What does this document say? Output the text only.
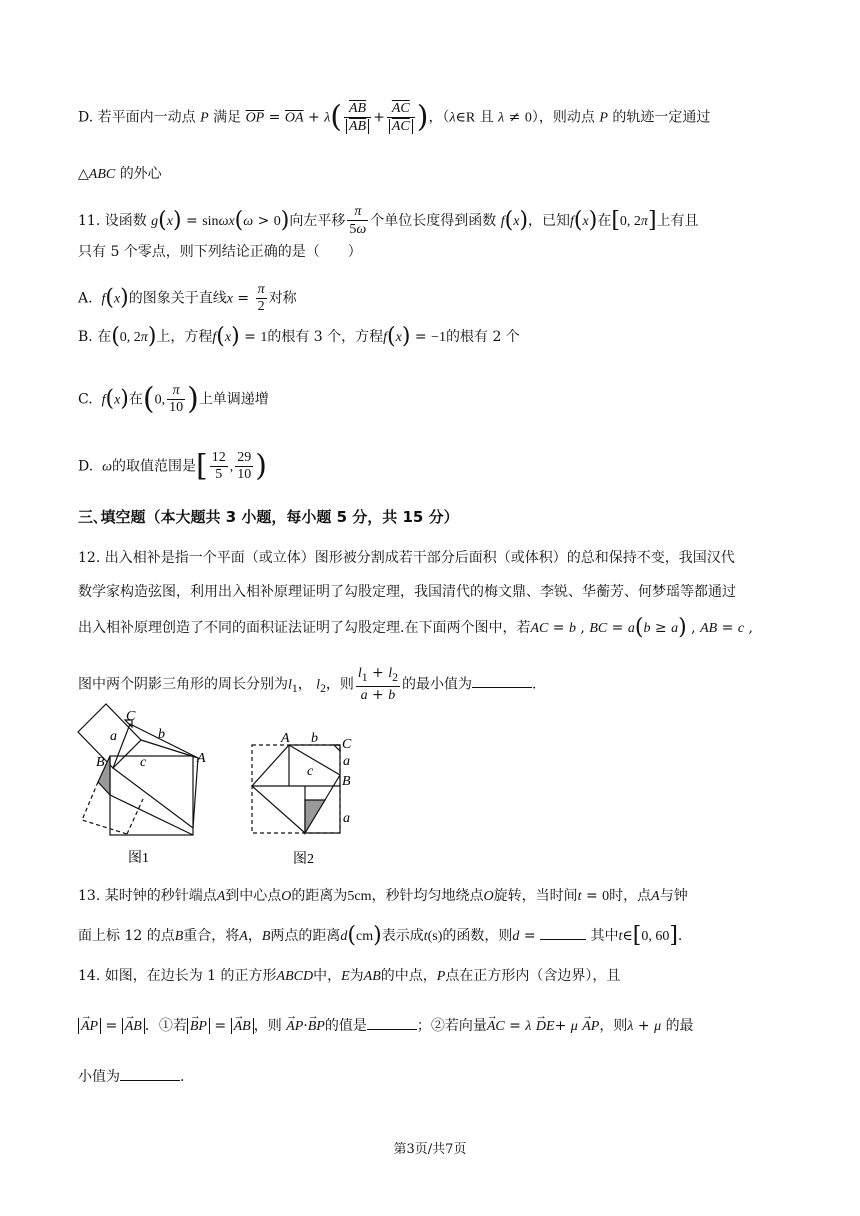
D. 若平面内一动点 P 满足 $\overline{OP} = \overline{OA} + \lambda( \frac{\overline{AB}}{AB} + \frac{\overline{AC}}{AC}$ )，（λ∈R 且 λ ≠ 0），则动点 P 的轨迹一定通过
△ABC 的外心
11. 设函数 g(x) = sinωx(ω > 0)向左平移 $\frac{\pi}{5\omega}$ 个单位长度得到函数 f(x)，已知f(x)在[0, 2π]上有且
只有 5 个零点，则下列结论正确的是（　　）
A. f(x)的图象关于直线$x = \frac{\pi}{2}$ 对称
B. 在(0, 2π)上，方程f(x) = 1的根有 3 个，方程f(x) = −1的根有 2 个
C. f(x)在(0, $\frac{\pi}{10}$ )上单调递增
D. ω的取值范围是[ $\frac{12}{5}$ , $\frac{29}{10}$ )
三､填空题（本大题共 3 小题，每小题 5 分，共 15 分）
12. 出入相补是指一个平面（或立体）图形被分割成若干部分后面积（或体积）的总和保持不变，我国汉代
数学家构造弦图，利用出入相补原理证明了勾股定理，我国清代的梅文鼎、李锐、华蘅芳、何梦瑶等都通过
出入相补原理创造了不同的面积证法证明了勾股定理.在下面两个图中，若AC = b , BC = a(b ≥ a) , AB = c ,
图中两个阴影三角形的周长分别为$l_1$， $l_2$，则 $\frac{l_1 + l_2}{a + b}$ 的最小值为	.
C
a	b
B	c	A
图1
A b C
a
B
c
a
图2
13. 某时钟的秒针端点A到中心点O的距离为5cm，秒针均匀地绕点O旋转，当时间t = 0时，点A与钟
面上标 12 的点B重合，将A，B两点的距离d(cm)表示成t(s)的函数，则d =	其中t∈[0, 60].
14. 如图，在边长为 1 的正方形ABCD中，E为AB的中点，P点在正方形内（含边界），且
→ AP = → AB ．①若 → BP = → AB ，则 → AP·→ BP的值是	；②若向量→ AC = λ → DE+ μ → AP，则λ + μ 的最
小值为	.
第3页/共7页
